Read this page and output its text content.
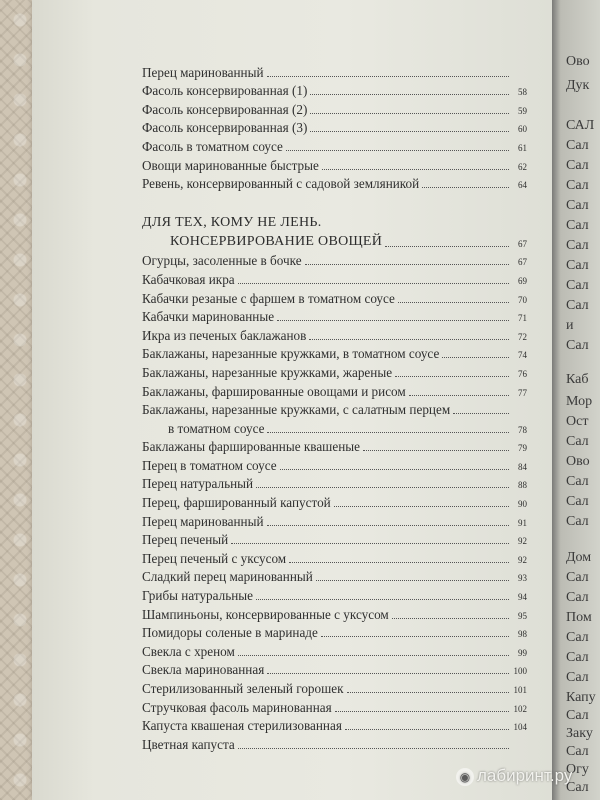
Ово
Дук
САЛ
Сал
Сал
Сал
Сал
Сал
Сал
Сал
Сал
Сал
и
Сал
Каб
Мор
Ост
Сал
Ово
Сал
Сал
Сал
Дом
Сал
Сал
Пом
Сал
Сал
Сал
Капу
Сал
Заку
Сал
Огу
Сал
Перец маринованный
Фасоль консервированная (1)	58
Фасоль консервированная (2)	59
Фасоль консервированная (3)	60
Фасоль в томатном соусе	61
Овощи маринованные быстрые	62
Ревень, консервированный с садовой земляникой	64
ДЛЯ ТЕХ, КОМУ НЕ ЛЕНЬ.
КОНСЕРВИРОВАНИЕ ОВОЩЕЙ	67
Огурцы, засоленные в бочке	67
Кабачковая икра	69
Кабачки резаные с фаршем в томатном соусе	70
Кабачки маринованные	71
Икра из печеных баклажанов	72
Баклажаны, нарезанные кружками, в томатном соусе	74
Баклажаны, нарезанные кружками, жареные	76
Баклажаны, фаршированные овощами и рисом	77
Баклажаны, нарезанные кружками, с салатным перцем
в томатном соусе	78
Баклажаны фаршированные квашеные	79
Перец в томатном соусе	84
Перец натуральный	88
Перец, фаршированный капустой	90
Перец маринованный	91
Перец печеный	92
Перец печеный с уксусом	92
Сладкий перец маринованный	93
Грибы натуральные	94
Шампиньоны, консервированные с уксусом	95
Помидоры соленые в маринаде	98
Свекла с хреном	99
Свекла маринованная	100
Стерилизованный зеленый горошек	101
Стручковая фасоль маринованная	102
Капуста квашеная стерилизованная	104
Цветная капуста
◉ лабиринт.ру
